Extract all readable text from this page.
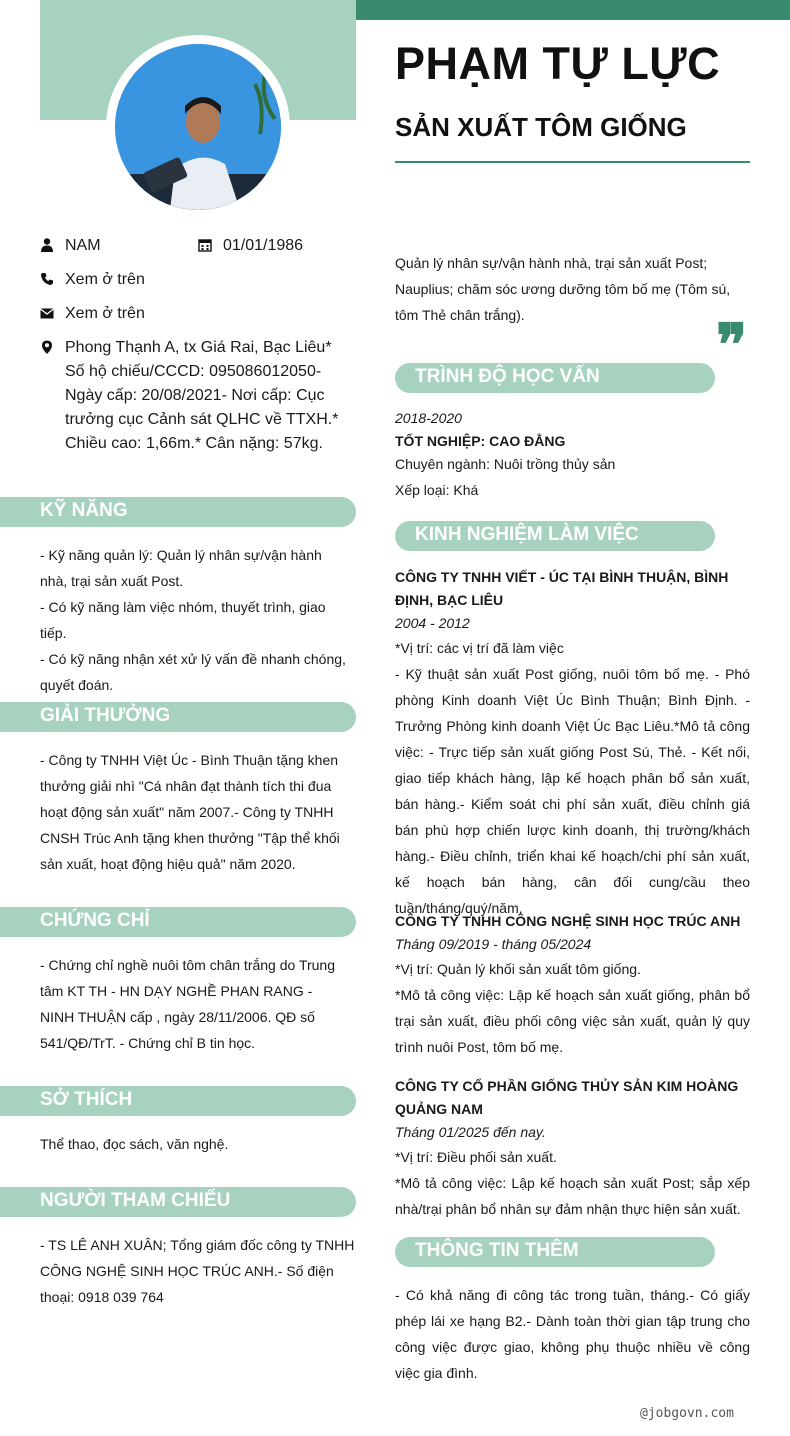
PHẠM TỰ LỰC
SẢN XUẤT TÔM GIỐNG
NAM	01/01/1986
Xem ở trên
Xem ở trên
Phong Thạnh A, tx Giá Rai, Bạc Liêu* Số hộ chiếu/CCCD: 095086012050- Ngày cấp: 20/08/2021- Nơi cấp: Cục trưởng cục Cảnh sát QLHC về TTXH.* Chiều cao: 1,66m.* Cân nặng: 57kg.
KỸ NĂNG
- Kỹ năng quản lý: Quản lý nhân sự/vận hành nhà, trại sản xuất Post.
- Có kỹ năng làm việc nhóm, thuyết trình, giao tiếp.
- Có kỹ năng nhận xét xử lý vấn đề nhanh chóng, quyết đoán.
GIẢI THƯỞNG
- Công ty TNHH Việt Úc - Bình Thuận tặng khen thưởng giải nhì "Cá nhân đạt thành tích thi đua hoạt động sản xuất" năm 2007.- Công ty TNHH CNSH Trúc Anh tặng khen thưởng "Tập thể khối sản xuất, hoạt động hiệu quả" năm 2020.
CHỨNG CHỈ
- Chứng chỉ nghề nuôi tôm chân trắng do Trung tâm KT TH - HN DẠY NGHỀ PHAN RANG - NINH THUẬN cấp , ngày 28/11/2006. QĐ số 541/QĐ/TrT. - Chứng chỉ B tin học.
SỞ THÍCH
Thể thao, đọc sách, văn nghệ.
NGƯỜI THAM CHIẾU
- TS LÊ ANH XUÂN; Tổng giám đốc công ty TNHH CÔNG NGHỆ SINH HỌC TRÚC ANH.- Số điện thoại: 0918 039 764
Quản lý nhân sự/vận hành nhà, trại sản xuất Post; Nauplius; chăm sóc ương dưỡng tôm bố mẹ (Tôm sú, tôm Thẻ chân trắng).	❞
TRÌNH ĐỘ HỌC VẤN
2018-2020
TỐT NGHIỆP: CAO ĐẲNG
Chuyên ngành: Nuôi trồng thủy sản
Xếp loại: Khá
KINH NGHIỆM LÀM VIỆC
CÔNG TY TNHH VIẾT - ÚC TẠI BÌNH THUẬN, BÌNH ĐỊNH, BẠC LIÊU
2004 - 2012
*Vị trí: các vị trí đã làm việc
- Kỹ thuật sản xuất Post giống, nuôi tôm bố mẹ. - Phó phòng Kinh doanh Việt Úc Bình Thuận; Bình Định. - Trưởng Phòng kinh doanh Việt Úc Bạc Liêu.*Mô tả công việc: - Trực tiếp sản xuất giống Post Sú, Thẻ. - Kết nối, giao tiếp khách hàng, lập kế hoạch phân bổ sản xuất, bán hàng.- Kiểm soát chi phí sản xuất, điều chỉnh giá bán phù hợp chiến lược kinh doanh, thị trường/khách hàng.- Điều chỉnh, triển khai kế hoạch/chi phí sản xuất, kế hoạch bán hàng, cân đối cung/cầu theo tuần/tháng/quý/năm.
CÔNG TY TNHH CÔNG NGHỆ SINH HỌC TRÚC ANH
Tháng 09/2019 - tháng 05/2024
*Vị trí: Quản lý khối sản xuất tôm giống.
*Mô tả công việc: Lập kế hoạch sản xuất giống, phân bổ trại sản xuất, điều phối công việc sản xuất, quản lý quy trình nuôi Post, tôm bố mẹ.
CÔNG TY CỔ PHẦN GIỐNG THỦY SẢN KIM HOÀNG QUẢNG NAM
Tháng 01/2025 đến nay.
*Vị trí: Điều phối sản xuất.
*Mô tả công việc: Lập kế hoạch sản xuất Post; sắp xếp nhà/trại phân bổ nhân sự đảm nhận thực hiện sản xuất.
THÔNG TIN THÊM
- Có khả năng đi công tác trong tuần, tháng.- Có giấy phép lái xe hạng B2.- Dành toàn thời gian tập trung cho công việc được giao, không phụ thuộc nhiều về công việc gia đình.
@jobgovn.com
